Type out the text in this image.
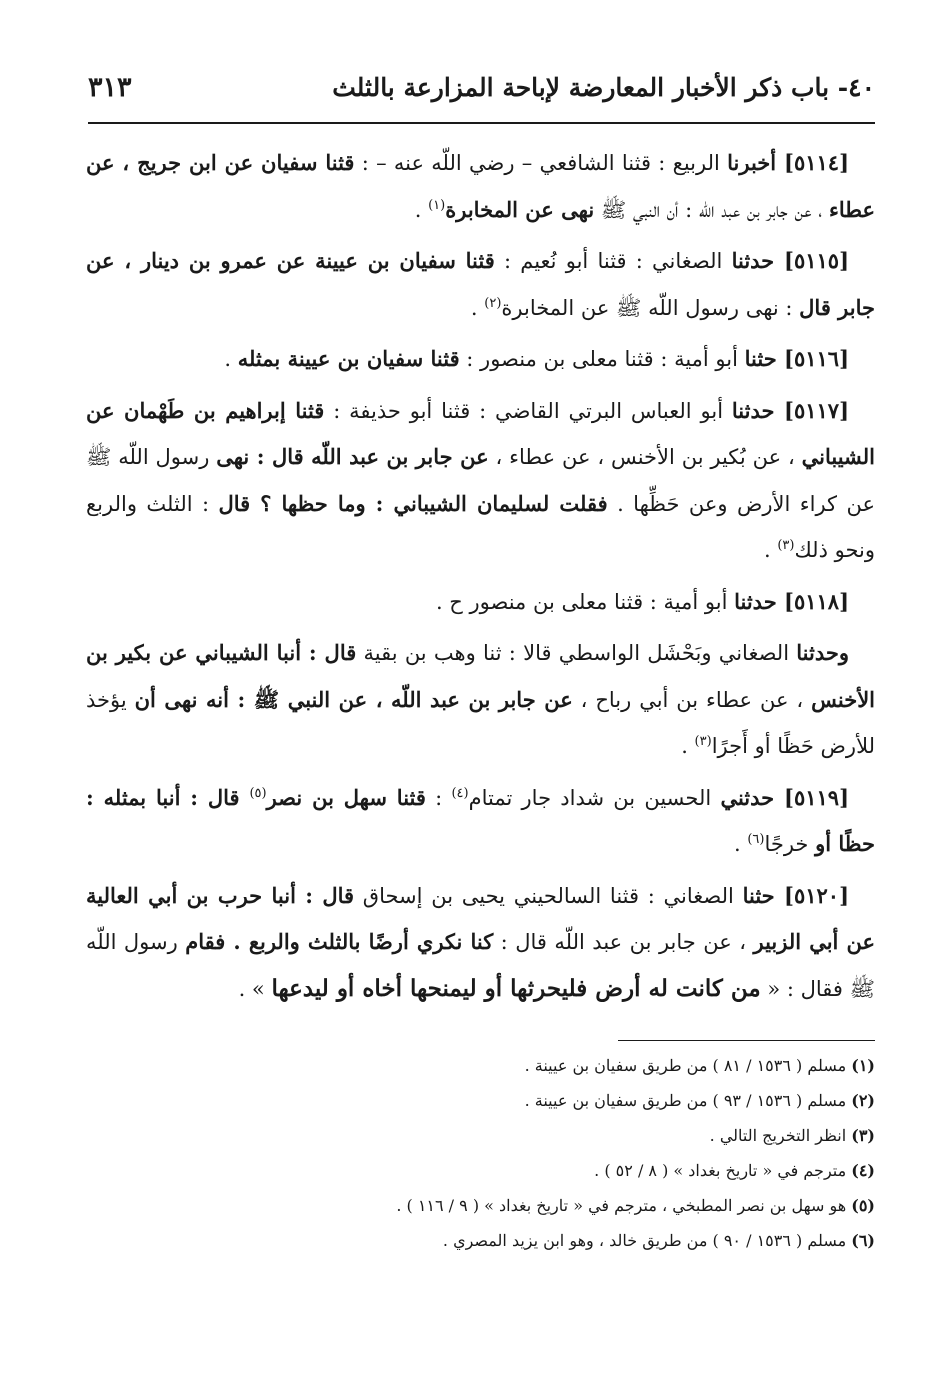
٤٠- باب ذكر الأخبار المعارضة لإباحة المزارعة بالثلث
٣١٣

[٥١١٤] أخبرنا الربيع : قثنا الشافعي – رضي اللّه عنه – : قثنا سفيان عن ابن جريج ، عن عطاء ، عن جابر بن عبد اللّه : أن النبي ﷺ نهى عن المخابرة$^{(١)}$ .

[٥١١٥] حدثنا الصغاني : قثنا أبو نُعيم : قثنا سفيان بن عيينة عن عمرو بن دينار ، عن جابر قال : نهى رسول اللّه ﷺ عن المخابرة$^{(٢)}$ .

[٥١١٦] حثنا أبو أمية : قثنا معلى بن منصور : قثنا سفيان بن عيينة بمثله .

[٥١١٧] حدثنا أبو العباس البرتي القاضي : قثنا أبو حذيفة : قثنا إبراهيم بن طَهْمان عن الشيباني ، عن بُكير بن الأخنس ، عن عطاء ، عن جابر بن عبد اللّه قال : نهى رسول اللّه ﷺ عن كراء الأرض وعن حَظِّها . فقلت لسليمان الشيباني : وما حظها ؟ قال : الثلث والربع ونحو ذلك$^{(٣)}$ .

[٥١١٨] حدثنا أبو أمية : قثنا معلى بن منصور ح .

وحدثنا الصغاني وبَحْشَل الواسطي قالا : ثنا وهب بن بقية قال : أنبا الشيباني عن بكير بن الأخنس ، عن عطاء بن أبي رباح ، عن جابر بن عبد اللّه ، عن النبي ﷺ : أنه نهى أن يؤخذ للأرض حَظًا أو أَجرًا$^{(٣)}$ .

[٥١١٩] حدثني الحسين بن شداد جار تمتام$^{(٤)}$ : قثنا سهل بن نصر$^{(٥)}$ قال : أنبا بمثله : حظًا أو خرجًا$^{(٦)}$ .

[٥١٢٠] حثنا الصغاني : قثنا السالحيني يحيى بن إسحاق قال : أنبا حرب بن أبي العالية عن أبي الزبير ، عن جابر بن عبد اللّه قال : كنا نكري أرضًا بالثلث والربع . فقام رسول اللّه ﷺ فقال : « من كانت له أرض فليحرثها أو ليمنحها أخاه أو ليدعها » .

(١) مسلم ( ١٥٣٦ / ٨١ ) من طريق سفيان بن عيينة .
(٢) مسلم ( ١٥٣٦ / ٩٣ ) من طريق سفيان بن عيينة .
(٣) انظر التخريج التالي .
(٤) مترجم في « تاريخ بغداد » ( ٨ / ٥٢ ) .
(٥) هو سهل بن نصر المطبخي ، مترجم في « تاريخ بغداد » ( ٩ / ١١٦ ) .
(٦) مسلم ( ١٥٣٦ / ٩٠ ) من طريق خالد ، وهو ابن يزيد المصري .
